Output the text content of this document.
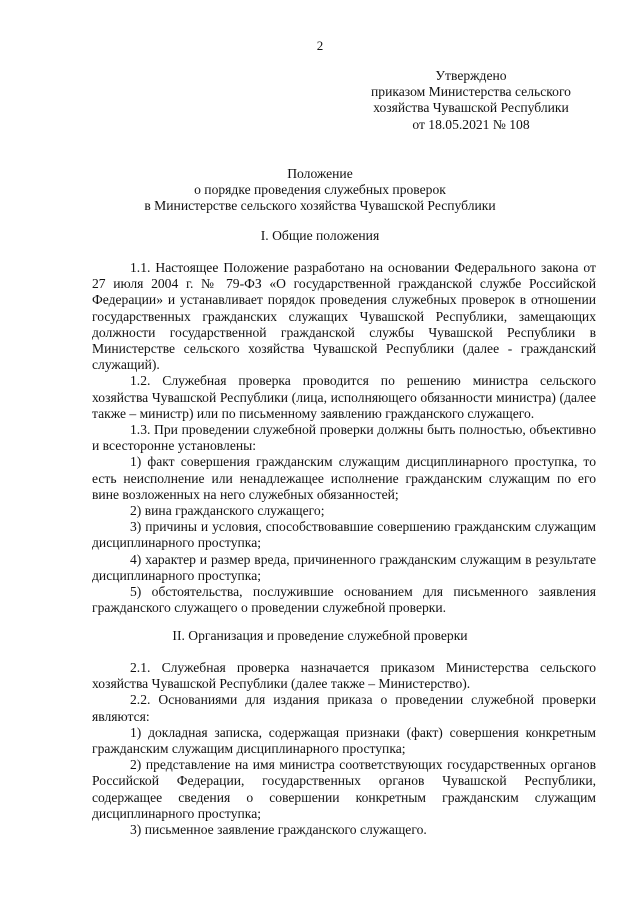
2
Утверждено
приказом Министерства сельского
хозяйства Чувашской Республики
от 18.05.2021 № 108
Положение
о порядке проведения служебных проверок
в Министерстве сельского хозяйства Чувашской Республики
I. Общие положения

1.1. Настоящее Положение разработано на основании Федерального закона от 27 июля 2004 г. № 79-ФЗ «О государственной гражданской службе Российской Федерации» и устанавливает порядок проведения служебных проверок в отношении государственных гражданских служащих Чувашской Республики, замещающих должности государственной гражданской службы Чувашской Республики в Министерстве сельского хозяйства Чувашской Республики (далее - гражданский служащий).

1.2. Служебная проверка проводится по решению министра сельского хозяйства Чувашской Республики (лица, исполняющего обязанности министра) (далее также – министр) или по письменному заявлению гражданского служащего.

1.3. При проведении служебной проверки должны быть полностью, объективно и всесторонне установлены:

1) факт совершения гражданским служащим дисциплинарного проступка, то есть неисполнение или ненадлежащее исполнение гражданским служащим по его вине возложенных на него служебных обязанностей;

2) вина гражданского служащего;

3) причины и условия, способствовавшие совершению гражданским служащим дисциплинарного проступка;

4) характер и размер вреда, причиненного гражданским служащим в результате дисциплинарного проступка;

5) обстоятельства, послужившие основанием для письменного заявления гражданского служащего о проведении служебной проверки.

II. Организация и проведение служебной проверки

2.1. Служебная проверка назначается приказом Министерства сельского хозяйства Чувашской Республики (далее также – Министерство).

2.2. Основаниями для издания приказа о проведении служебной проверки являются:

1) докладная записка, содержащая признаки (факт) совершения конкретным гражданским служащим дисциплинарного проступка;

2) представление на имя министра соответствующих государственных органов Российской Федерации, государственных органов Чувашской Республики, содержащее сведения о совершении конкретным гражданским служащим дисциплинарного проступка;

3) письменное заявление гражданского служащего.
